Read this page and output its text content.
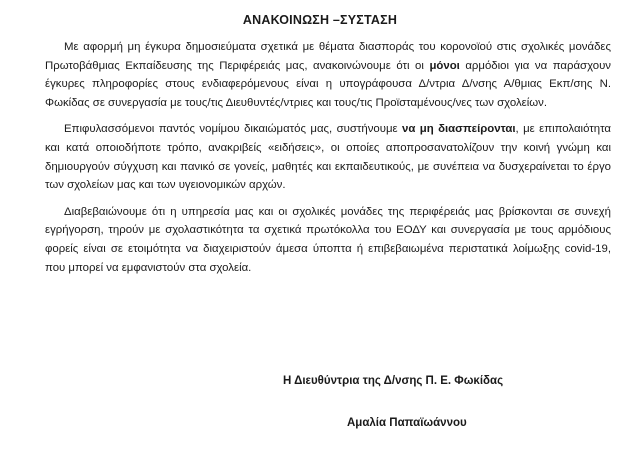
ΑΝΑΚΟΙΝΩΣΗ –ΣΥΣΤΑΣΗ

Με αφορμή μη έγκυρα δημοσιεύματα σχετικά με θέματα διασποράς του κορονοϊού στις σχολικές μονάδες Πρωτοβάθμιας Εκπαίδευσης της Περιφέρειάς μας, ανακοινώνουμε ότι οι μόνοι αρμόδιοι για να παράσχουν έγκυρες πληροφορίες στους ενδιαφερόμενους είναι η υπογράφουσα Δ/ντρια Δ/νσης Α/θμιας Εκπ/σης Ν. Φωκίδας σε συνεργασία με τους/τις Διευθυντές/ντριες και τους/τις Προϊσταμένους/νες των σχολείων.

Επιφυλασσόμενοι παντός νομίμου δικαιώματός μας, συστήνουμε να μη διασπείρονται, με επιπολαιότητα και κατά οποιοδήποτε τρόπο, ανακριβείς «ειδήσεις», οι οποίες αποπροσανατολίζουν την κοινή γνώμη και δημιουργούν σύγχυση και πανικό σε γονείς, μαθητές και εκπαιδευτικούς, με συνέπεια να δυσχεραίνεται το έργο των σχολείων μας και των υγειονομικών αρχών.

Διαβεβαιώνουμε ότι η υπηρεσία μας και οι σχολικές μονάδες της περιφέρειάς μας βρίσκονται σε συνεχή εγρήγορση, τηρούν με σχολαστικότητα τα σχετικά πρωτόκολλα του ΕΟΔΥ και συνεργασία με τους αρμόδιους φορείς είναι σε ετοιμότητα να διαχειριστούν άμεσα ύποπτα ή επιβεβαιωμένα περιστατικά λοίμωξης covid-19, που μπορεί να εμφανιστούν στα σχολεία.

Η Διευθύντρια της Δ/νσης Π. Ε. Φωκίδας
Αμαλία Παπαϊωάννου
